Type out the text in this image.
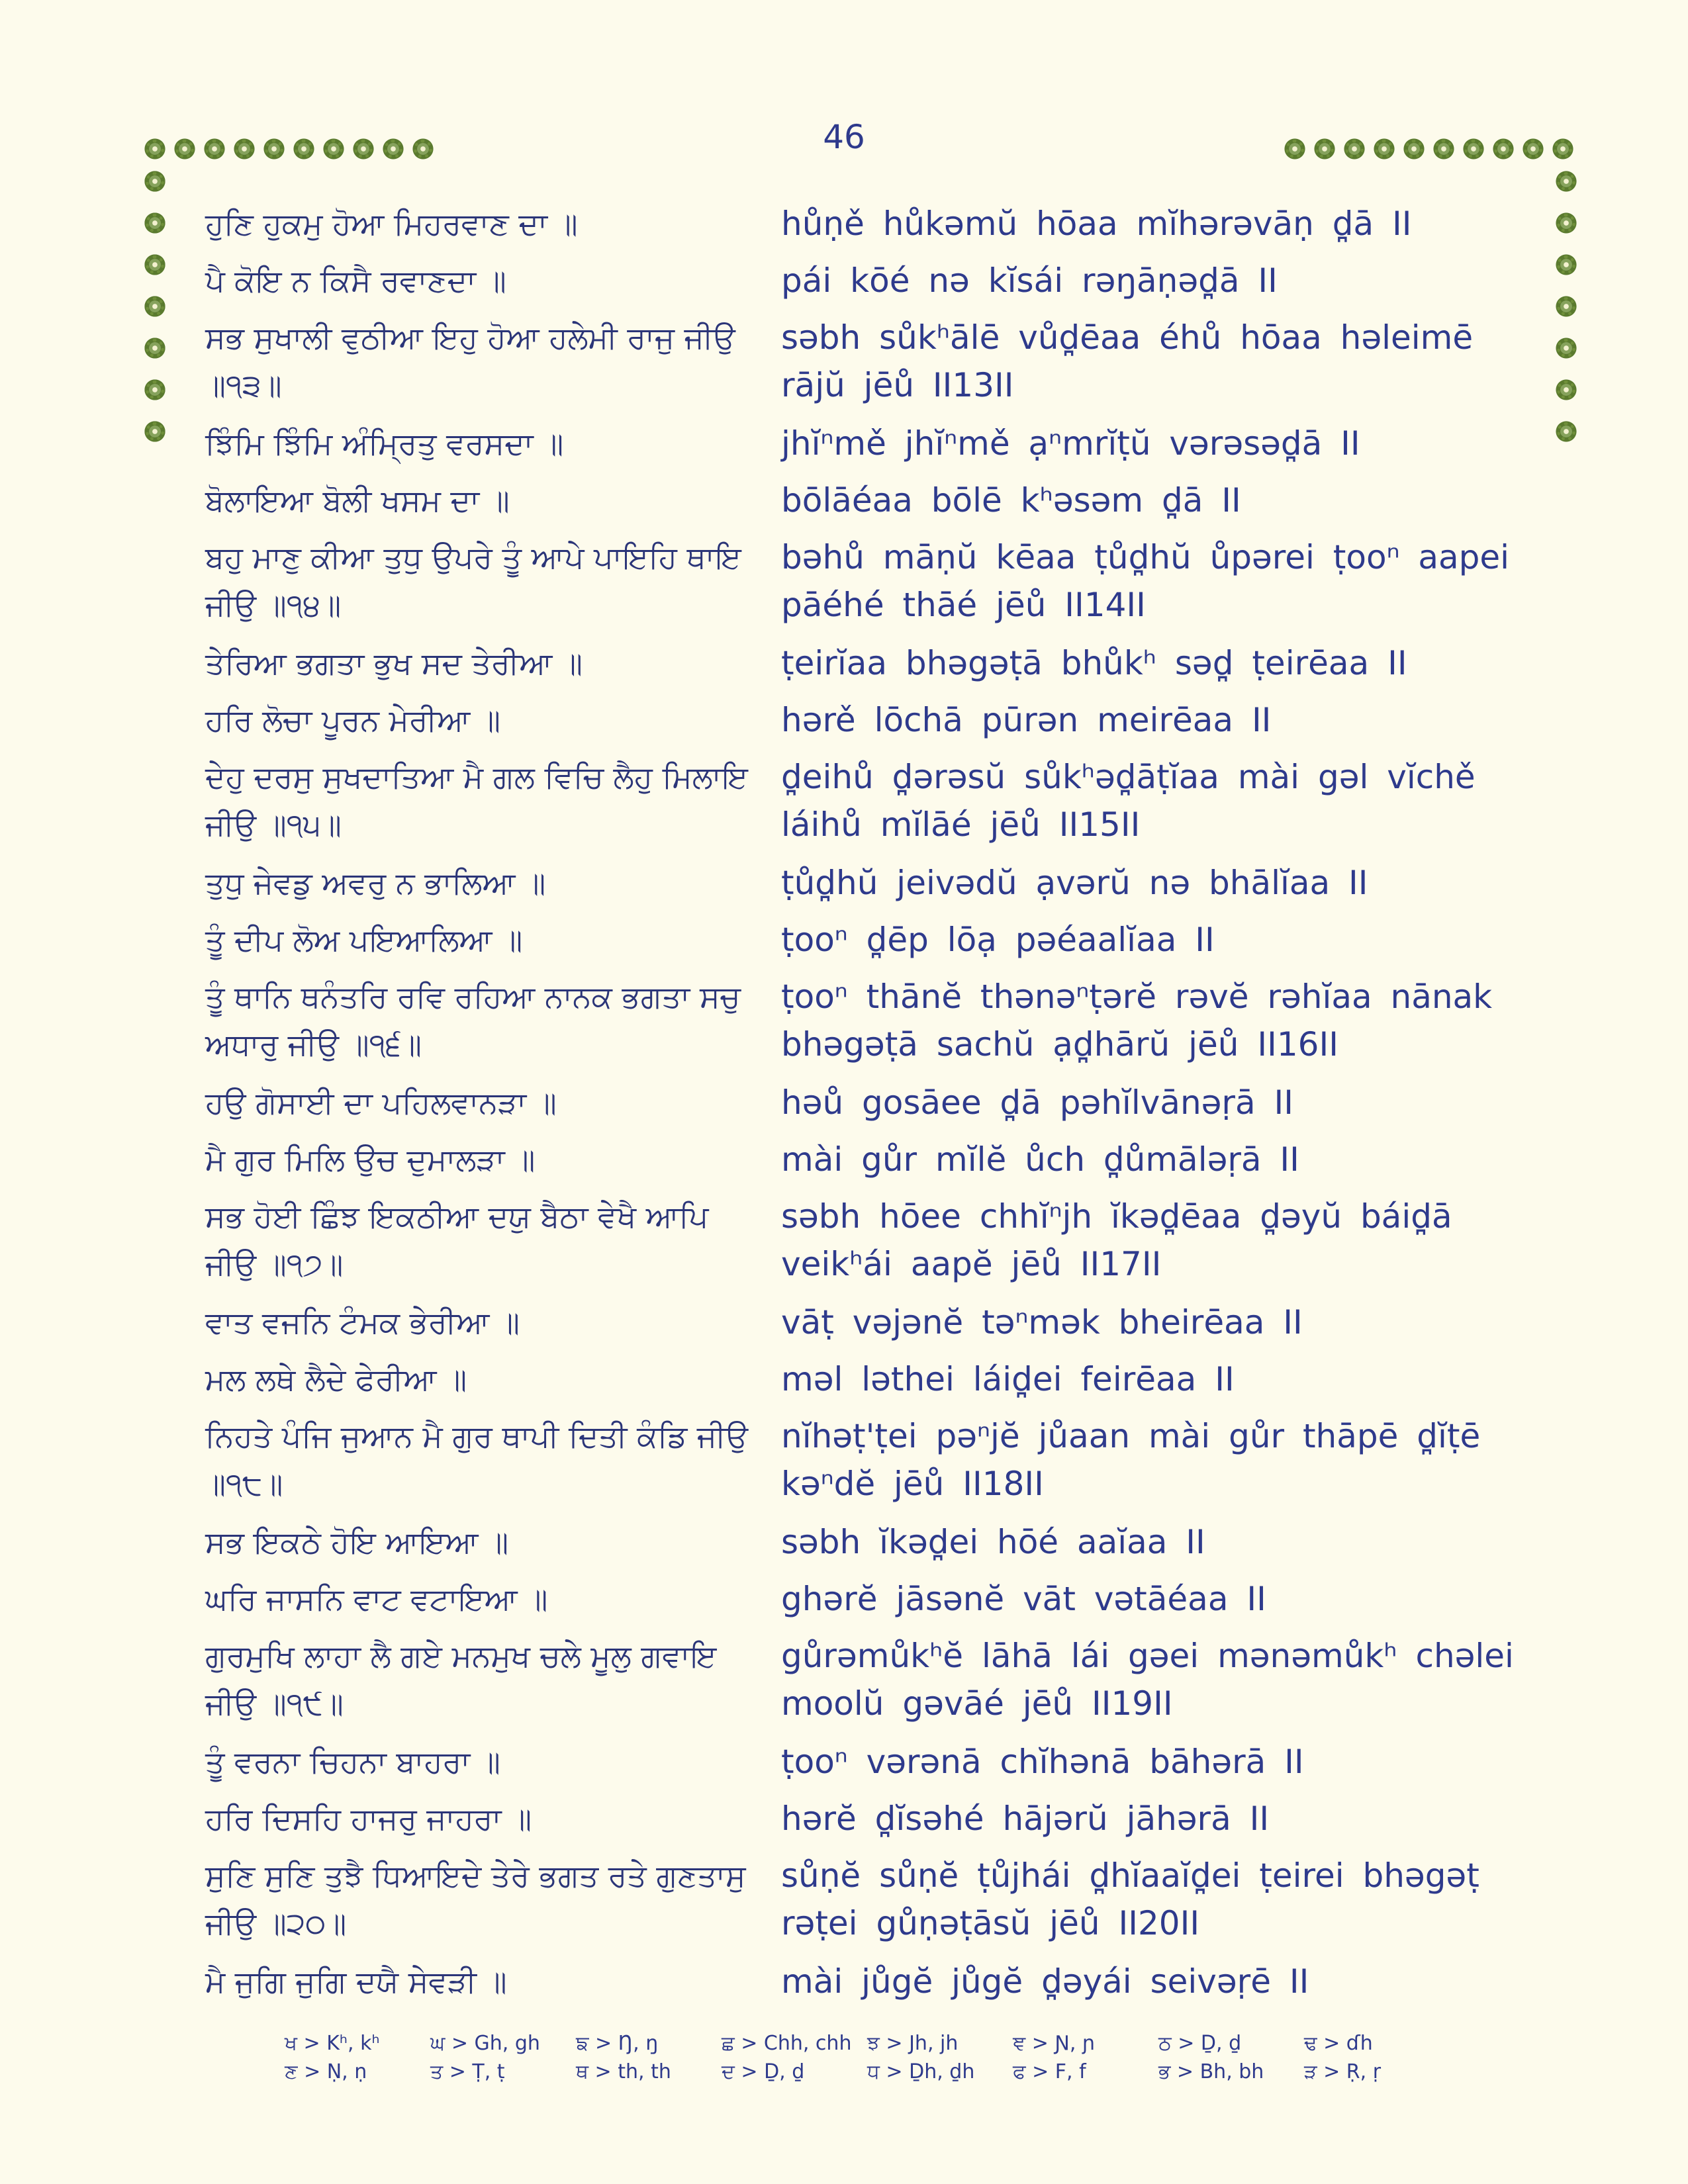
46
ਹੁਣਿ ਹੁਕਮੁ ਹੋਆ ਮਿਹਰਵਾਣ ਦਾ ॥	hůṇě hůkəmŭ hōaa mĭhərəvāṇ d̪ā II
ਪੈ ਕੋਇ ਨ ਕਿਸੈ ਰਵਾਣਦਾ ॥	pái kōé nə kĭsái rəŋāṇəd̪ā II
ਸਭ ਸੁਖਾਲੀ ਵੁਠੀਆ ਇਹੁ ਹੋਆ ਹਲੇਮੀ ਰਾਜੁ ਜੀਉ ॥੧੩॥
səbh sůkʰālē vůd̪ēaa éhů hōaa həleimē rājŭ jēů II13II
ਝਿੰਮਿ ਝਿੰਮਿ ਅੰਮ੍ਰਿਤੁ ਵਰਸਦਾ ॥	jhĭⁿmě jhĭⁿmě ạⁿmrĭṭŭ vərəsəd̪ā II
ਬੋਲਾਇਆ ਬੋਲੀ ਖਸਮ ਦਾ ॥	bōlāéaa bōlē kʰəsəm d̪ā II
ਬਹੁ ਮਾਣੁ ਕੀਆ ਤੁਧੁ ਉਪਰੇ ਤੂੰ ਆਪੇ ਪਾਇਹਿ ਥਾਇ ਜੀਉ ॥੧੪॥
bəhů māṇŭ kēaa ṭůd̪hŭ ůpərei ṭooⁿ aapei pāéhé thāé jēů II14II
ਤੇਰਿਆ ਭਗਤਾ ਭੁਖ ਸਦ ਤੇਰੀਆ ॥	ṭeirĭaa bhəgəṭā bhůkʰ səd̪ ṭeirēaa II
ਹਰਿ ਲੋਚਾ ਪੂਰਨ ਮੇਰੀਆ ॥	hərě lōchā pūrən meirēaa II
ਦੇਹੁ ਦਰਸੁ ਸੁਖਦਾਤਿਆ ਮੈ ਗਲ ਵਿਚਿ ਲੈਹੁ ਮਿਲਾਇ ਜੀਉ ॥੧੫॥
d̪eihů d̪ərəsŭ sůkʰəd̪āṭĭaa mài gəl vĭchě láihů mĭlāé jēů II15II
ਤੁਧੁ ਜੇਵਡੁ ਅਵਰੁ ਨ ਭਾਲਿਆ ॥	ṭůd̪hŭ jeivədŭ ạvərŭ nə bhālĭaa II
ਤੂੰ ਦੀਪ ਲੋਅ ਪਇਆਲਿਆ ॥	ṭooⁿ d̪ēp lōạ pəéaalĭaa II
ਤੂੰ ਥਾਨਿ ਥਨੰਤਰਿ ਰਵਿ ਰਹਿਆ ਨਾਨਕ ਭਗਤਾ ਸਚੁ ਅਧਾਰੁ ਜੀਉ ॥੧੬॥
ṭooⁿ thānĕ thənəⁿṭərĕ rəvĕ rəhĭaa nānak bhəgəṭā sachŭ ạd̪hārŭ jēů II16II
ਹਉ ਗੋਸਾਈ ਦਾ ਪਹਿਲਵਾਨੜਾ ॥	həů gosāee d̪ā pəhĭlvānəṛā II
ਮੈ ਗੁਰ ਮਿਲਿ ਉਚ ਦੁਮਾਲੜਾ ॥	mài gůr mĭlĕ ůch d̪ůmāləṛā II
ਸਭ ਹੋਈ ਛਿੰਝ ਇਕਠੀਆ ਦਯੁ ਬੈਠਾ ਵੇਖੈ ਆਪਿ ਜੀਉ ॥੧੭॥
səbh hōee chhĭⁿjh ĭkəd̪ēaa d̪əyŭ báid̪ā veikʰái aapĕ jēů II17II
ਵਾਤ ਵਜਨਿ ਟੰਮਕ ਭੇਰੀਆ ॥	vāṭ vəjənĕ təⁿmək bheirēaa II
ਮਲ ਲਥੇ ਲੈਦੇ ਫੇਰੀਆ ॥	məl ləthei láid̪ei feirēaa II
ਨਿਹਤੇ ਪੰਜਿ ਜੁਆਨ ਮੈ ਗੁਰ ਥਾਪੀ ਦਿਤੀ ਕੰਡਿ ਜੀਉ ॥੧੮॥
nĭhəṭ'ṭei pəⁿjĕ jůaan mài gůr thāpē d̪ĭṭē kəⁿdĕ jēů II18II
ਸਭ ਇਕਠੇ ਹੋਇ ਆਇਆ ॥	səbh ĭkəd̪ei hōé aaĭaa II
ਘਰਿ ਜਾਸਨਿ ਵਾਟ ਵਟਾਇਆ ॥	ghərĕ jāsənĕ vāt vətāéaa II
ਗੁਰਮੁਖਿ ਲਾਹਾ ਲੈ ਗਏ ਮਨਮੁਖ ਚਲੇ ਮੂਲੁ ਗਵਾਇ ਜੀਉ ॥੧੯॥
gůrəmůkʰĕ lāhā lái gəei mənəmůkʰ chəlei moolŭ gəvāé jēů II19II
ਤੂੰ ਵਰਨਾ ਚਿਹਨਾ ਬਾਹਰਾ ॥	ṭooⁿ vərənā chĭhənā bāhərā II
ਹਰਿ ਦਿਸਹਿ ਹਾਜਰੁ ਜਾਹਰਾ ॥	hərĕ d̪ĭsəhé hājərŭ jāhərā II
ਸੁਣਿ ਸੁਣਿ ਤੁਝੈ ਧਿਆਇਦੇ ਤੇਰੇ ਭਗਤ ਰਤੇ ਗੁਣਤਾਸੁ ਜੀਉ ॥੨੦॥
sůṇĕ sůṇĕ ṭůjhái d̪hĭaaĭd̪ei ṭeirei bhəgəṭ rəṭei gůṇəṭāsŭ jēů II20II
ਮੈ ਜੁਗਿ ਜੁਗਿ ਦਯੈ ਸੇਵੜੀ ॥	mài jůgĕ jůgĕ d̪əyái seivəṛē II
ਖ > Kʰ, kʰ	ਘ > Gh, gh	ਙ > Ŋ, ŋ	ਛ > Chh, chh ਝ > Jh, jh	ਞ > Ɲ, ɲ	ਠ > Ḏ, ḏ	ਢ > ɗh
ਣ > Ṇ, ṇ	ਤ > Ṭ, ṭ	ਥ > th, th	ਦ > Ḏ, ḏ	ਧ > Ḏh, ḏh	ਫ > F, f	ਭ > Bh, bh	ੜ > Ṛ, ṛ
